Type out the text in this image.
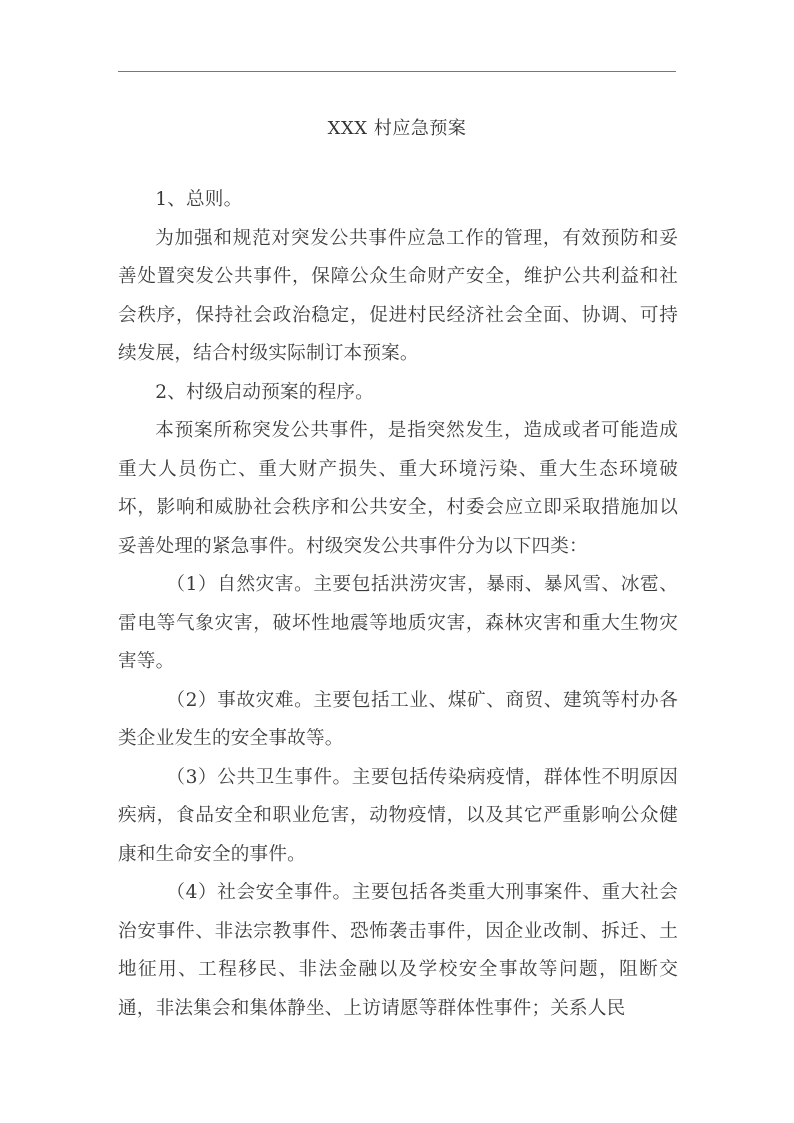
XXX 村应急预案

1、总则。

为加强和规范对突发公共事件应急工作的管理，有效预防和妥善处置突发公共事件，保障公众生命财产安全，维护公共利益和社会秩序，保持社会政治稳定，促进村民经济社会全面、协调、可持续发展，结合村级实际制订本预案。

2、村级启动预案的程序。

本预案所称突发公共事件，是指突然发生，造成或者可能造成重大人员伤亡、重大财产损失、重大环境污染、重大生态环境破坏，影响和威胁社会秩序和公共安全，村委会应立即采取措施加以妥善处理的紧急事件。村级突发公共事件分为以下四类：

（1）自然灾害。主要包括洪涝灾害，暴雨、暴风雪、冰雹、雷电等气象灾害，破坏性地震等地质灾害，森林灾害和重大生物灾害等。

（2）事故灾难。主要包括工业、煤矿、商贸、建筑等村办各类企业发生的安全事故等。

（3）公共卫生事件。主要包括传染病疫情，群体性不明原因疾病，食品安全和职业危害，动物疫情，以及其它严重影响公众健康和生命安全的事件。

（4）社会安全事件。主要包括各类重大刑事案件、重大社会治安事件、非法宗教事件、恐怖袭击事件，因企业改制、拆迁、土地征用、工程移民、非法金融以及学校安全事故等问题，阻断交通，非法集会和集体静坐、上访请愿等群体性事件；关系人民
